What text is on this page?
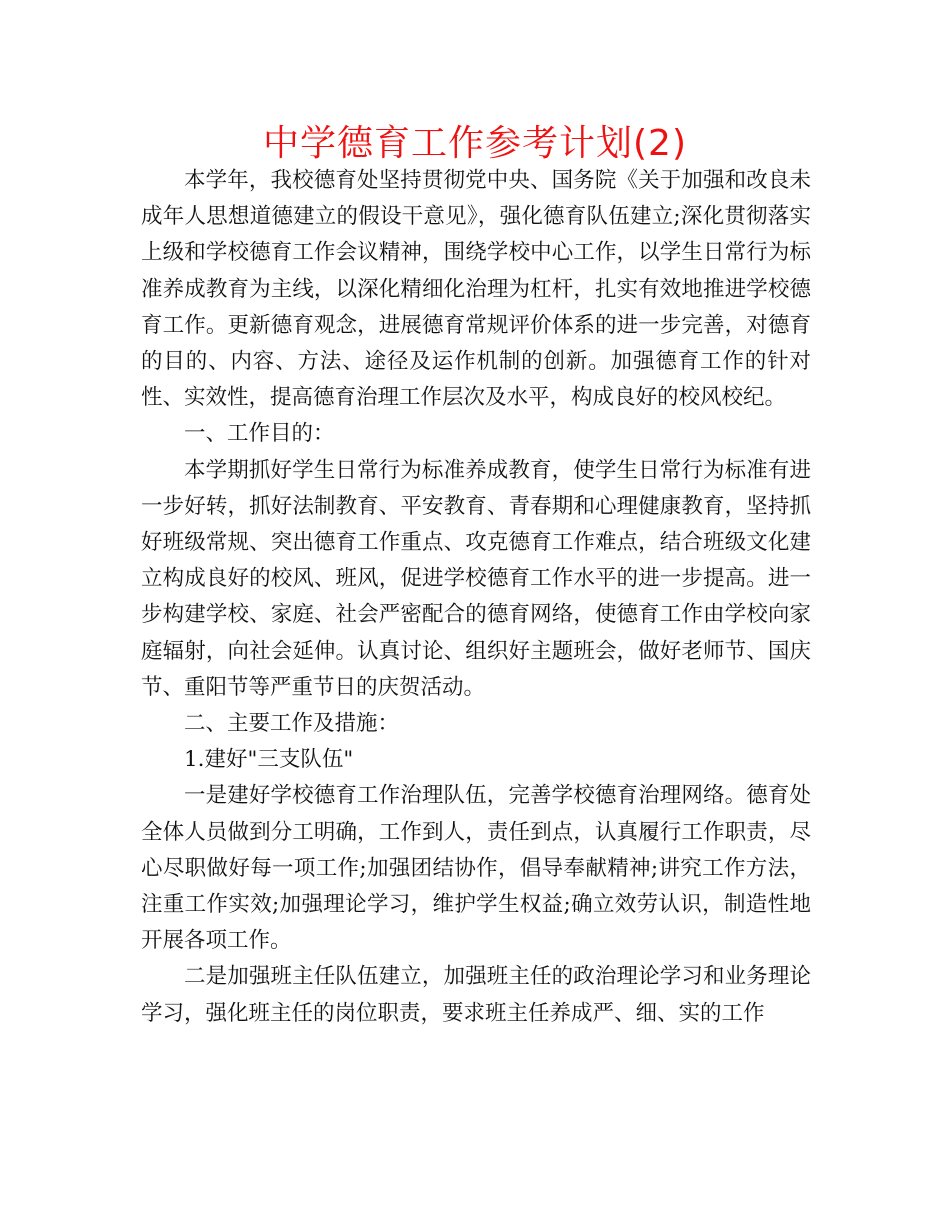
中学德育工作参考计划(2)

本学年，我校德育处坚持贯彻党中央、国务院《关于加强和改良未成年人思想道德建立的假设干意见》，强化德育队伍建立;深化贯彻落实上级和学校德育工作会议精神，围绕学校中心工作，以学生日常行为标准养成教育为主线，以深化精细化治理为杠杆，扎实有效地推进学校德育工作。更新德育观念，进展德育常规评价体系的进一步完善，对德育的目的、内容、方法、途径及运作机制的创新。加强德育工作的针对性、实效性，提高德育治理工作层次及水平，构成良好的校风校纪。

一、工作目的：

本学期抓好学生日常行为标准养成教育，使学生日常行为标准有进一步好转，抓好法制教育、平安教育、青春期和心理健康教育，坚持抓好班级常规、突出德育工作重点、攻克德育工作难点，结合班级文化建立构成良好的校风、班风，促进学校德育工作水平的进一步提高。进一步构建学校、家庭、社会严密配合的德育网络，使德育工作由学校向家庭辐射，向社会延伸。认真讨论、组织好主题班会，做好老师节、国庆节、重阳节等严重节日的庆贺活动。

二、主要工作及措施：

1.建好"三支队伍"

一是建好学校德育工作治理队伍，完善学校德育治理网络。德育处全体人员做到分工明确，工作到人，责任到点，认真履行工作职责，尽心尽职做好每一项工作;加强团结协作，倡导奉献精神;讲究工作方法，注重工作实效;加强理论学习，维护学生权益;确立效劳认识，制造性地开展各项工作。

二是加强班主任队伍建立，加强班主任的政治理论学习和业务理论学习，强化班主任的岗位职责，要求班主任养成严、细、实的工作
